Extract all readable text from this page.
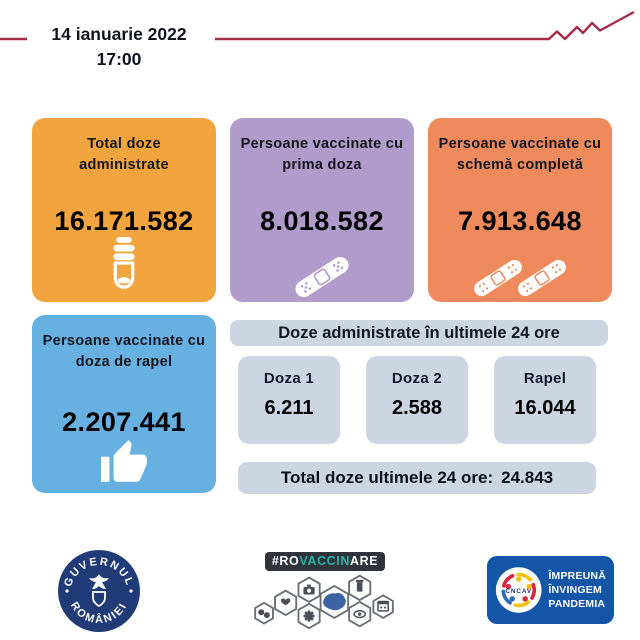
14 ianuarie 2022
17:00
Total doze administrate
16.171.582
Persoane vaccinate cu prima doza
8.018.582
Persoane vaccinate cu schemă completă
7.913.648
Persoane vaccinate cu doza de rapel
2.207.441
Doze administrate în ultimele 24 ore
Doza 1
6.211
Doza 2
2.588
Rapel
16.044
Total doze ultimele 24 ore: 24.843
GUVERNUL
ROMÂNIEI
#ROVACCINARE
CNCAV
ÎMPREUNĂ
ÎNVINGEM
PANDEMIA
